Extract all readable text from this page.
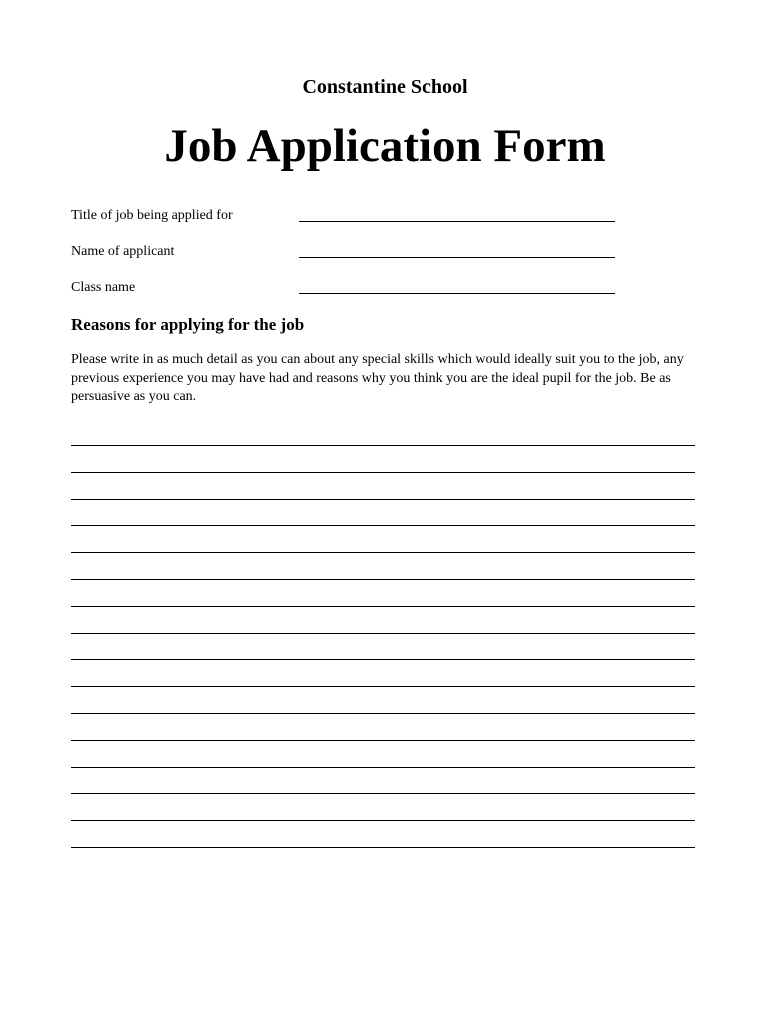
Constantine School
Job Application Form
Title of job being applied for
Name of applicant
Class name
Reasons for applying for the job
Please write in as much detail as you can about any special skills which would ideally suit you to the job, any previous experience you may have had and reasons why you think you are the ideal pupil for the job. Be as persuasive as you can.
